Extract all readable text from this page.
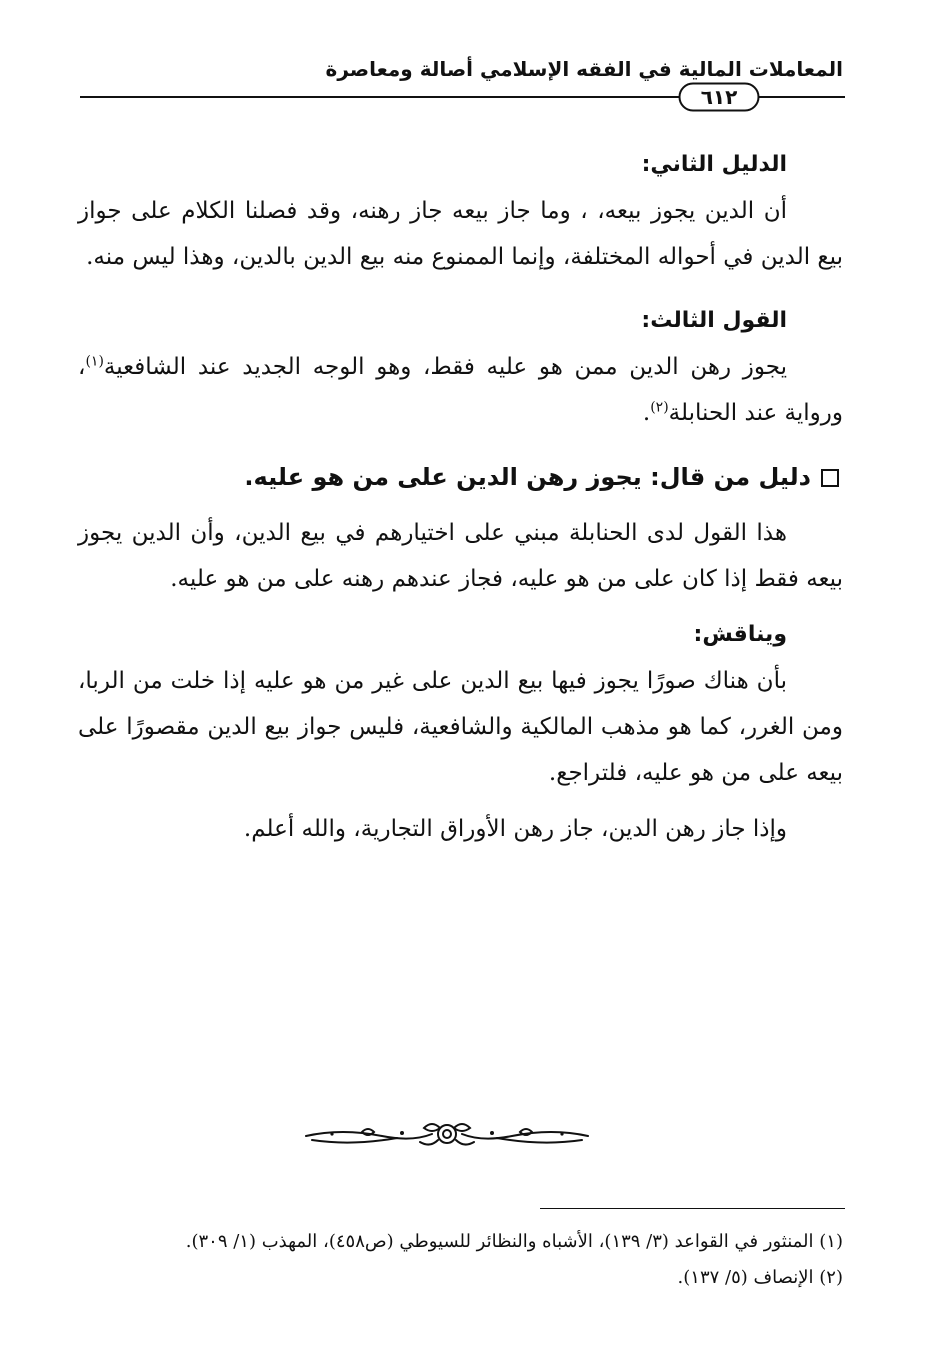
المعاملات المالية في الفقه الإسلامي أصالة ومعاصرة
٦١٢

الدليل الثاني:

أن الدين يجوز بيعه، ، وما جاز بيعه جاز رهنه، وقد فصلنا الكلام على جواز بيع الدين في أحواله المختلفة، وإنما الممنوع منه بيع الدين بالدين، وهذا ليس منه.

القول الثالث:

يجوز رهن الدين ممن هو عليه فقط، وهو الوجه الجديد عند الشافعية$^{(١)}$، ورواية عند الحنابلة$^{(٢)}$.

دليل من قال: يجوز رهن الدين على من هو عليه.

هذا القول لدى الحنابلة مبني على اختيارهم في بيع الدين، وأن الدين يجوز بيعه فقط إذا كان على من هو عليه، فجاز عندهم رهنه على من هو عليه.

ويناقش:

بأن هناك صورًا يجوز فيها بيع الدين على غير من هو عليه إذا خلت من الربا، ومن الغرر، كما هو مذهب المالكية والشافعية، فليس جواز بيع الدين مقصورًا على بيعه على من هو عليه، فلتراجع.

وإذا جاز رهن الدين، جاز رهن الأوراق التجارية، والله أعلم.

(١) المنثور في القواعد (٣/ ١٣٩)، الأشباه والنظائر للسيوطي (ص٤٥٨)، المهذب (١/ ٣٠٩).

(٢) الإنصاف (٥/ ١٣٧).
